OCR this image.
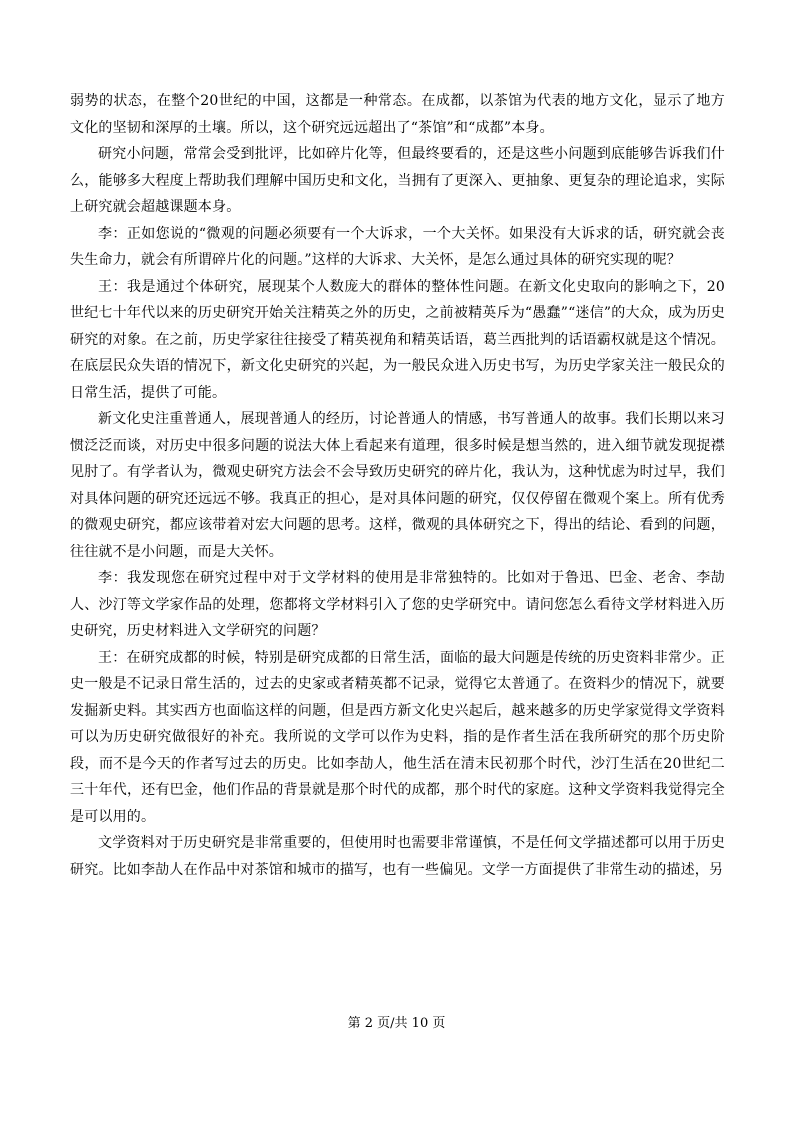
弱势的状态，在整个20世纪的中国，这都是一种常态。在成都，以茶馆为代表的地方文化，显示了地方文化的坚韧和深厚的土壤。所以，这个研究远远超出了“茶馆”和“成都”本身。

研究小问题，常常会受到批评，比如碎片化等，但最终要看的，还是这些小问题到底能够告诉我们什么，能够多大程度上帮助我们理解中国历史和文化，当拥有了更深入、更抽象、更复杂的理论追求，实际上研究就会超越课题本身。

李：正如您说的“微观的问题必须要有一个大诉求，一个大关怀。如果没有大诉求的话，研究就会丧失生命力，就会有所谓碎片化的问题。”这样的大诉求、大关怀，是怎么通过具体的研究实现的呢？

王：我是通过个体研究，展现某个人数庞大的群体的整体性问题。在新文化史取向的影响之下，20世纪七十年代以来的历史研究开始关注精英之外的历史，之前被精英斥为“愚蠢”“迷信”的大众，成为历史研究的对象。在之前，历史学家往往接受了精英视角和精英话语，葛兰西批判的话语霸权就是这个情况。在底层民众失语的情况下，新文化史研究的兴起，为一般民众进入历史书写，为历史学家关注一般民众的日常生活，提供了可能。

新文化史注重普通人，展现普通人的经历，讨论普通人的情感，书写普通人的故事。我们长期以来习惯泛泛而谈，对历史中很多问题的说法大体上看起来有道理，很多时候是想当然的，进入细节就发现捉襟见肘了。有学者认为，微观史研究方法会不会导致历史研究的碎片化，我认为，这种忧虑为时过早，我们对具体问题的研究还远远不够。我真正的担心，是对具体问题的研究，仅仅停留在微观个案上。所有优秀的微观史研究，都应该带着对宏大问题的思考。这样，微观的具体研究之下，得出的结论、看到的问题，往往就不是小问题，而是大关怀。

李：我发现您在研究过程中对于文学材料的使用是非常独特的。比如对于鲁迅、巴金、老舍、李劼人、沙汀等文学家作品的处理，您都将文学材料引入了您的史学研究中。请问您怎么看待文学材料进入历史研究，历史材料进入文学研究的问题？

王：在研究成都的时候，特别是研究成都的日常生活，面临的最大问题是传统的历史资料非常少。正史一般是不记录日常生活的，过去的史家或者精英都不记录，觉得它太普通了。在资料少的情况下，就要发掘新史料。其实西方也面临这样的问题，但是西方新文化史兴起后，越来越多的历史学家觉得文学资料可以为历史研究做很好的补充。我所说的文学可以作为史料，指的是作者生活在我所研究的那个历史阶段，而不是今天的作者写过去的历史。比如李劼人，他生活在清末民初那个时代，沙汀生活在20世纪二三十年代，还有巴金，他们作品的背景就是那个时代的成都，那个时代的家庭。这种文学资料我觉得完全是可以用的。

文学资料对于历史研究是非常重要的，但使用时也需要非常谨慎，不是任何文学描述都可以用于历史研究。比如李劼人在作品中对茶馆和城市的描写，也有一些偏见。文学一方面提供了非常生动的描述，另

第 2 页/共 10 页
